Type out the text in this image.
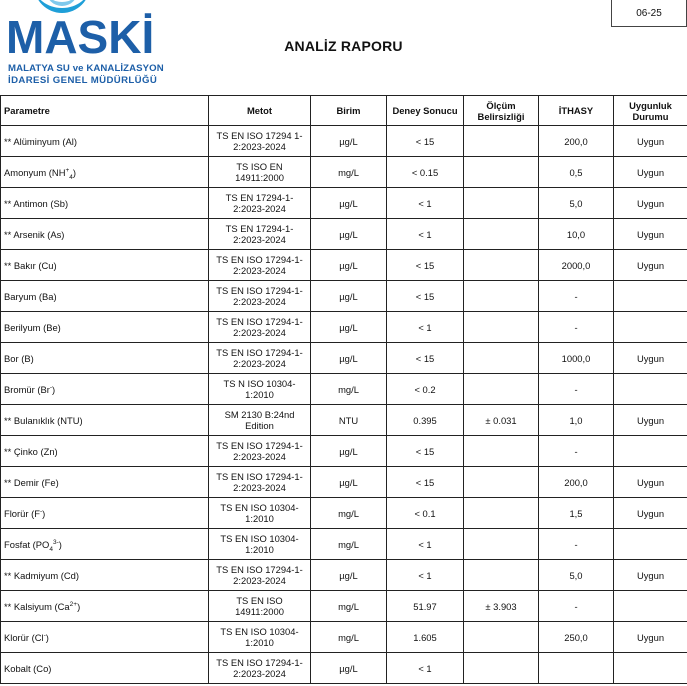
MASKİ
MALATYA SU ve KANALİZASYON
İDARESİ GENEL MÜDÜRLÜĞÜ
ANALİZ RAPORU
06-25
Parametre	Metot	Birim	Deney Sonucu	Ölçüm Belirsizliği	İTHASY	Uygunluk Durumu
** Alüminyum (Al)	TS EN ISO 17294 1-2:2023-2024	µg/L	< 15		200,0	Uygun
Amonyum $(NH^+_4)$	TS ISO EN 14911:2000	mg/L	< 0.15		0,5	Uygun
** Antimon (Sb)	TS EN 17294-1-2:2023-2024	µg/L	< 1		5,0	Uygun
** Arsenik (As)	TS EN 17294-1-2:2023-2024	µg/L	< 1		10,0	Uygun
** Bakır (Cu)	TS EN ISO 17294-1-2:2023-2024	µg/L	< 15		2000,0	Uygun
Baryum (Ba)	TS EN ISO 17294-1-2:2023-2024	µg/L	< 15		-	
Berilyum (Be)	TS EN ISO 17294-1-2:2023-2024	µg/L	< 1		-	
Bor (B)	TS EN ISO 17294-1-2:2023-2024	µg/L	< 15		1000,0	Uygun
Bromür (Br-)	TS N ISO 10304-1:2010	mg/L	< 0.2		-	
** Bulanıklık (NTU)	SM 2130 B:24nd Edition	NTU	0.395	± 0.031	1,0	Uygun
** Çinko (Zn)	TS EN ISO 17294-1-2:2023-2024	µg/L	< 15		-	
** Demir (Fe)	TS EN ISO 17294-1-2:2023-2024	µg/L	< 15		200,0	Uygun
Florür (F-)	TS EN ISO 10304-1:2010	mg/L	< 0.1		1,5	Uygun
Fosfat $(PO_4^{3-})$	TS EN ISO 10304-1:2010	mg/L	< 1		-	
** Kadmiyum (Cd)	TS EN ISO 17294-1-2:2023-2024	µg/L	< 1		5,0	Uygun
** Kalsiyum $(Ca^{2+})$	TS EN ISO 14911:2000	mg/L	51.97	± 3.903	-	
Klorür (Cl-)	TS EN ISO 10304-1:2010	mg/L	1.605		250,0	Uygun
Kobalt (Co)	TS EN ISO 17294-1-2:2023-2024	µg/L	< 1			
